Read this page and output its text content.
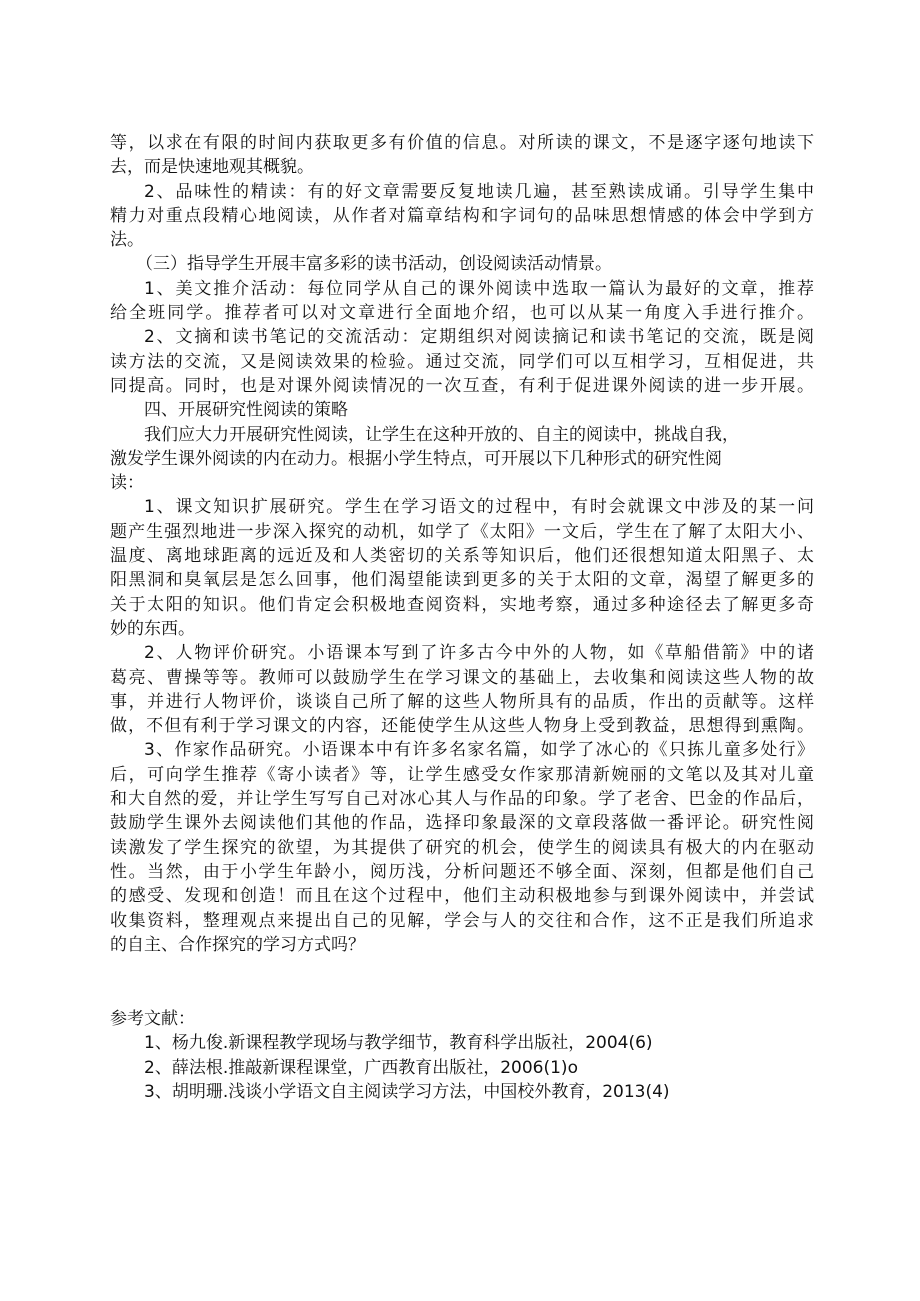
等，以求在有限的时间内获取更多有价值的信息。对所读的课文，不是逐字逐句地读下
去，而是快速地观其概貌。
2、品味性的精读：有的好文章需要反复地读几遍，甚至熟读成诵。引导学生集中
精力对重点段精心地阅读，从作者对篇章结构和字词句的品味思想情感的体会中学到方
法。
（三）指导学生开展丰富多彩的读书活动，创设阅读活动情景。
1、美文推介活动：每位同学从自己的课外阅读中选取一篇认为最好的文章，推荐
给全班同学。推荐者可以对文章进行全面地介绍，也可以从某一角度入手进行推介。
2、文摘和读书笔记的交流活动：定期组织对阅读摘记和读书笔记的交流，既是阅
读方法的交流，又是阅读效果的检验。通过交流，同学们可以互相学习，互相促进，共
同提高。同时，也是对课外阅读情况的一次互查，有利于促进课外阅读的进一步开展。
四、开展研究性阅读的策略
我们应大力开展研究性阅读，让学生在这种开放的、自主的阅读中，挑战自我，
激发学生课外阅读的内在动力。根据小学生特点，可开展以下几种形式的研究性阅
读：
1、课文知识扩展研究。学生在学习语文的过程中，有时会就课文中涉及的某一问
题产生强烈地进一步深入探究的动机，如学了《太阳》一文后，学生在了解了太阳大小、
温度、离地球距离的远近及和人类密切的关系等知识后，他们还很想知道太阳黑子、太
阳黑洞和臭氧层是怎么回事，他们渴望能读到更多的关于太阳的文章，渴望了解更多的
关于太阳的知识。他们肯定会积极地查阅资料，实地考察，通过多种途径去了解更多奇
妙的东西。
2、人物评价研究。小语课本写到了许多古今中外的人物，如《草船借箭》中的诸
葛亮、曹操等等。教师可以鼓励学生在学习课文的基础上，去收集和阅读这些人物的故
事，并进行人物评价，谈谈自己所了解的这些人物所具有的品质，作出的贡献等。这样
做，不但有利于学习课文的内容，还能使学生从这些人物身上受到教益，思想得到熏陶。
3、作家作品研究。小语课本中有许多名家名篇，如学了冰心的《只拣儿童多处行》
后，可向学生推荐《寄小读者》等，让学生感受女作家那清新婉丽的文笔以及其对儿童
和大自然的爱，并让学生写写自己对冰心其人与作品的印象。学了老舍、巴金的作品后，
鼓励学生课外去阅读他们其他的作品，选择印象最深的文章段落做一番评论。研究性阅
读激发了学生探究的欲望，为其提供了研究的机会，使学生的阅读具有极大的内在驱动
性。当然，由于小学生年龄小，阅历浅，分析问题还不够全面、深刻，但都是他们自己
的感受、发现和创造！而且在这个过程中，他们主动积极地参与到课外阅读中，并尝试
收集资料，整理观点来提出自己的见解，学会与人的交往和合作，这不正是我们所追求
的自主、合作探究的学习方式吗？
参考文献：
1、杨九俊.新课程教学现场与教学细节，教育科学出版社，2004(6)
2、薛法根.推敲新课程课堂，广西教育出版社，2006(1)o
3、胡明珊.浅谈小学语文自主阅读学习方法，中国校外教育，2013(4)
